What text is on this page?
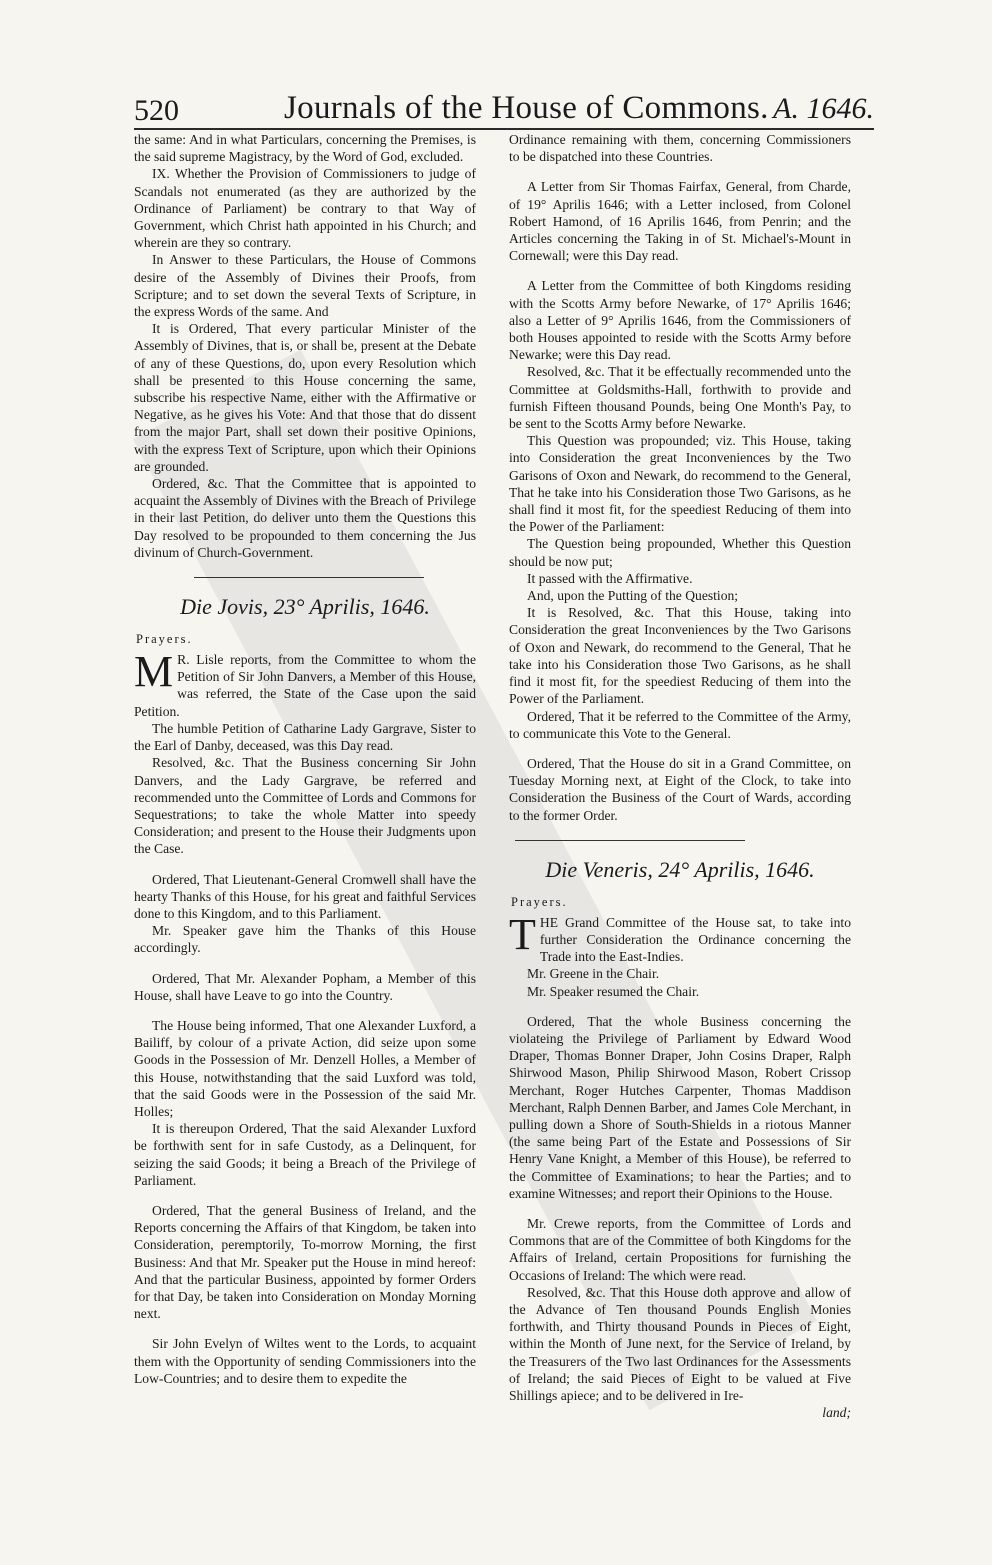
520	Journals of the House of Commons. A. 1646.

the same: And in what Particulars, concerning the Premises, is the said supreme Magistracy, by the Word of God, excluded.

IX. Whether the Provision of Commissioners to judge of Scandals not enumerated (as they are authorized by the Ordinance of Parliament) be contrary to that Way of Government, which Christ hath appointed in his Church; and wherein are they so contrary.

In Answer to these Particulars, the House of Commons desire of the Assembly of Divines their Proofs, from Scripture; and to set down the several Texts of Scripture, in the express Words of the same. And

It is Ordered, That every particular Minister of the Assembly of Divines, that is, or shall be, present at the Debate of any of these Questions, do, upon every Resolution which shall be presented to this House concerning the same, subscribe his respective Name, either with the Affirmative or Negative, as he gives his Vote: And that those that do dissent from the major Part, shall set down their positive Opinions, with the express Text of Scripture, upon which their Opinions are grounded.

Ordered, &c. That the Committee that is appointed to acquaint the Assembly of Divines with the Breach of Privilege in their last Petition, do deliver unto them the Questions this Day resolved to be propounded to them concerning the Jus divinum of Church-Government.

Die Jovis, 23° Aprilis, 1646.
Prayers.

M R. Lisle reports, from the Committee to whom the Petition of Sir John Danvers, a Member of this House, was referred, the State of the Case upon the said Petition.

The humble Petition of Catharine Lady Gargrave, Sister to the Earl of Danby, deceased, was this Day read.

Resolved, &c. That the Business concerning Sir John Danvers, and the Lady Gargrave, be referred and recommended unto the Committee of Lords and Commons for Sequestrations; to take the whole Matter into speedy Consideration; and present to the House their Judgments upon the Case.

Ordered, That Lieutenant-General Cromwell shall have the hearty Thanks of this House, for his great and faithful Services done to this Kingdom, and to this Parliament.

Mr. Speaker gave him the Thanks of this House accordingly.

Ordered, That Mr. Alexander Popham, a Member of this House, shall have Leave to go into the Country.

The House being informed, That one Alexander Luxford, a Bailiff, by colour of a private Action, did seize upon some Goods in the Possession of Mr. Denzell Holles, a Member of this House, notwithstanding that the said Luxford was told, that the said Goods were in the Possession of the said Mr. Holles;

It is thereupon Ordered, That the said Alexander Luxford be forthwith sent for in safe Custody, as a Delinquent, for seizing the said Goods; it being a Breach of the Privilege of Parliament.

Ordered, That the general Business of Ireland, and the Reports concerning the Affairs of that Kingdom, be taken into Consideration, peremptorily, To-morrow Morning, the first Business: And that Mr. Speaker put the House in mind hereof: And that the particular Business, appointed by former Orders for that Day, be taken into Consideration on Monday Morning next.

Sir John Evelyn of Wiltes went to the Lords, to acquaint them with the Opportunity of sending Commissioners into the Low-Countries; and to desire them to expedite the

Ordinance remaining with them, concerning Commissioners to be dispatched into these Countries.

A Letter from Sir Thomas Fairfax, General, from Charde, of 19° Aprilis 1646; with a Letter inclosed, from Colonel Robert Hamond, of 16 Aprilis 1646, from Penrin; and the Articles concerning the Taking in of St. Michael's-Mount in Cornewall; were this Day read.

A Letter from the Committee of both Kingdoms residing with the Scotts Army before Newarke, of 17° Aprilis 1646; also a Letter of 9° Aprilis 1646, from the Commissioners of both Houses appointed to reside with the Scotts Army before Newarke; were this Day read.

Resolved, &c. That it be effectually recommended unto the Committee at Goldsmiths-Hall, forthwith to provide and furnish Fifteen thousand Pounds, being One Month's Pay, to be sent to the Scotts Army before Newarke.

This Question was propounded; viz. This House, taking into Consideration the great Inconveniences by the Two Garisons of Oxon and Newark, do recommend to the General, That he take into his Consideration those Two Garisons, as he shall find it most fit, for the speediest Reducing of them into the Power of the Parliament:

The Question being propounded, Whether this Question should be now put;

It passed with the Affirmative.

And, upon the Putting of the Question;

It is Resolved, &c. That this House, taking into Consideration the great Inconveniences by the Two Garisons of Oxon and Newark, do recommend to the General, That he take into his Consideration those Two Garisons, as he shall find it most fit, for the speediest Reducing of them into the Power of the Parliament.

Ordered, That it be referred to the Committee of the Army, to communicate this Vote to the General.

Ordered, That the House do sit in a Grand Committee, on Tuesday Morning next, at Eight of the Clock, to take into Consideration the Business of the Court of Wards, according to the former Order.

Die Veneris, 24° Aprilis, 1646.
Prayers.

THE Grand Committee of the House sat, to take into further Consideration the Ordinance concerning the Trade into the East-Indies.

Mr. Greene in the Chair.

Mr. Speaker resumed the Chair.

Ordered, That the whole Business concerning the violateing the Privilege of Parliament by Edward Wood Draper, Thomas Bonner Draper, John Cosins Draper, Ralph Shirwood Mason, Philip Shirwood Mason, Robert Crissop Merchant, Roger Hutches Carpenter, Thomas Maddison Merchant, Ralph Dennen Barber, and James Cole Merchant, in pulling down a Shore of South-Shields in a riotous Manner (the same being Part of the Estate and Possessions of Sir Henry Vane Knight, a Member of this House), be referred to the Committee of Examinations; to hear the Parties; and to examine Witnesses; and report their Opinions to the House.

Mr. Crewe reports, from the Committee of Lords and Commons that are of the Committee of both Kingdoms for the Affairs of Ireland, certain Propositions for furnishing the Occasions of Ireland: The which were read.

Resolved, &c. That this House doth approve and allow of the Advance of Ten thousand Pounds English Monies forthwith, and Thirty thousand Pounds in Pieces of Eight, within the Month of June next, for the Service of Ireland, by the Treasurers of the Two last Ordinances for the Assessments of Ireland; the said Pieces of Eight to be valued at Five Shillings apiece; and to be delivered in Ire-

land;
